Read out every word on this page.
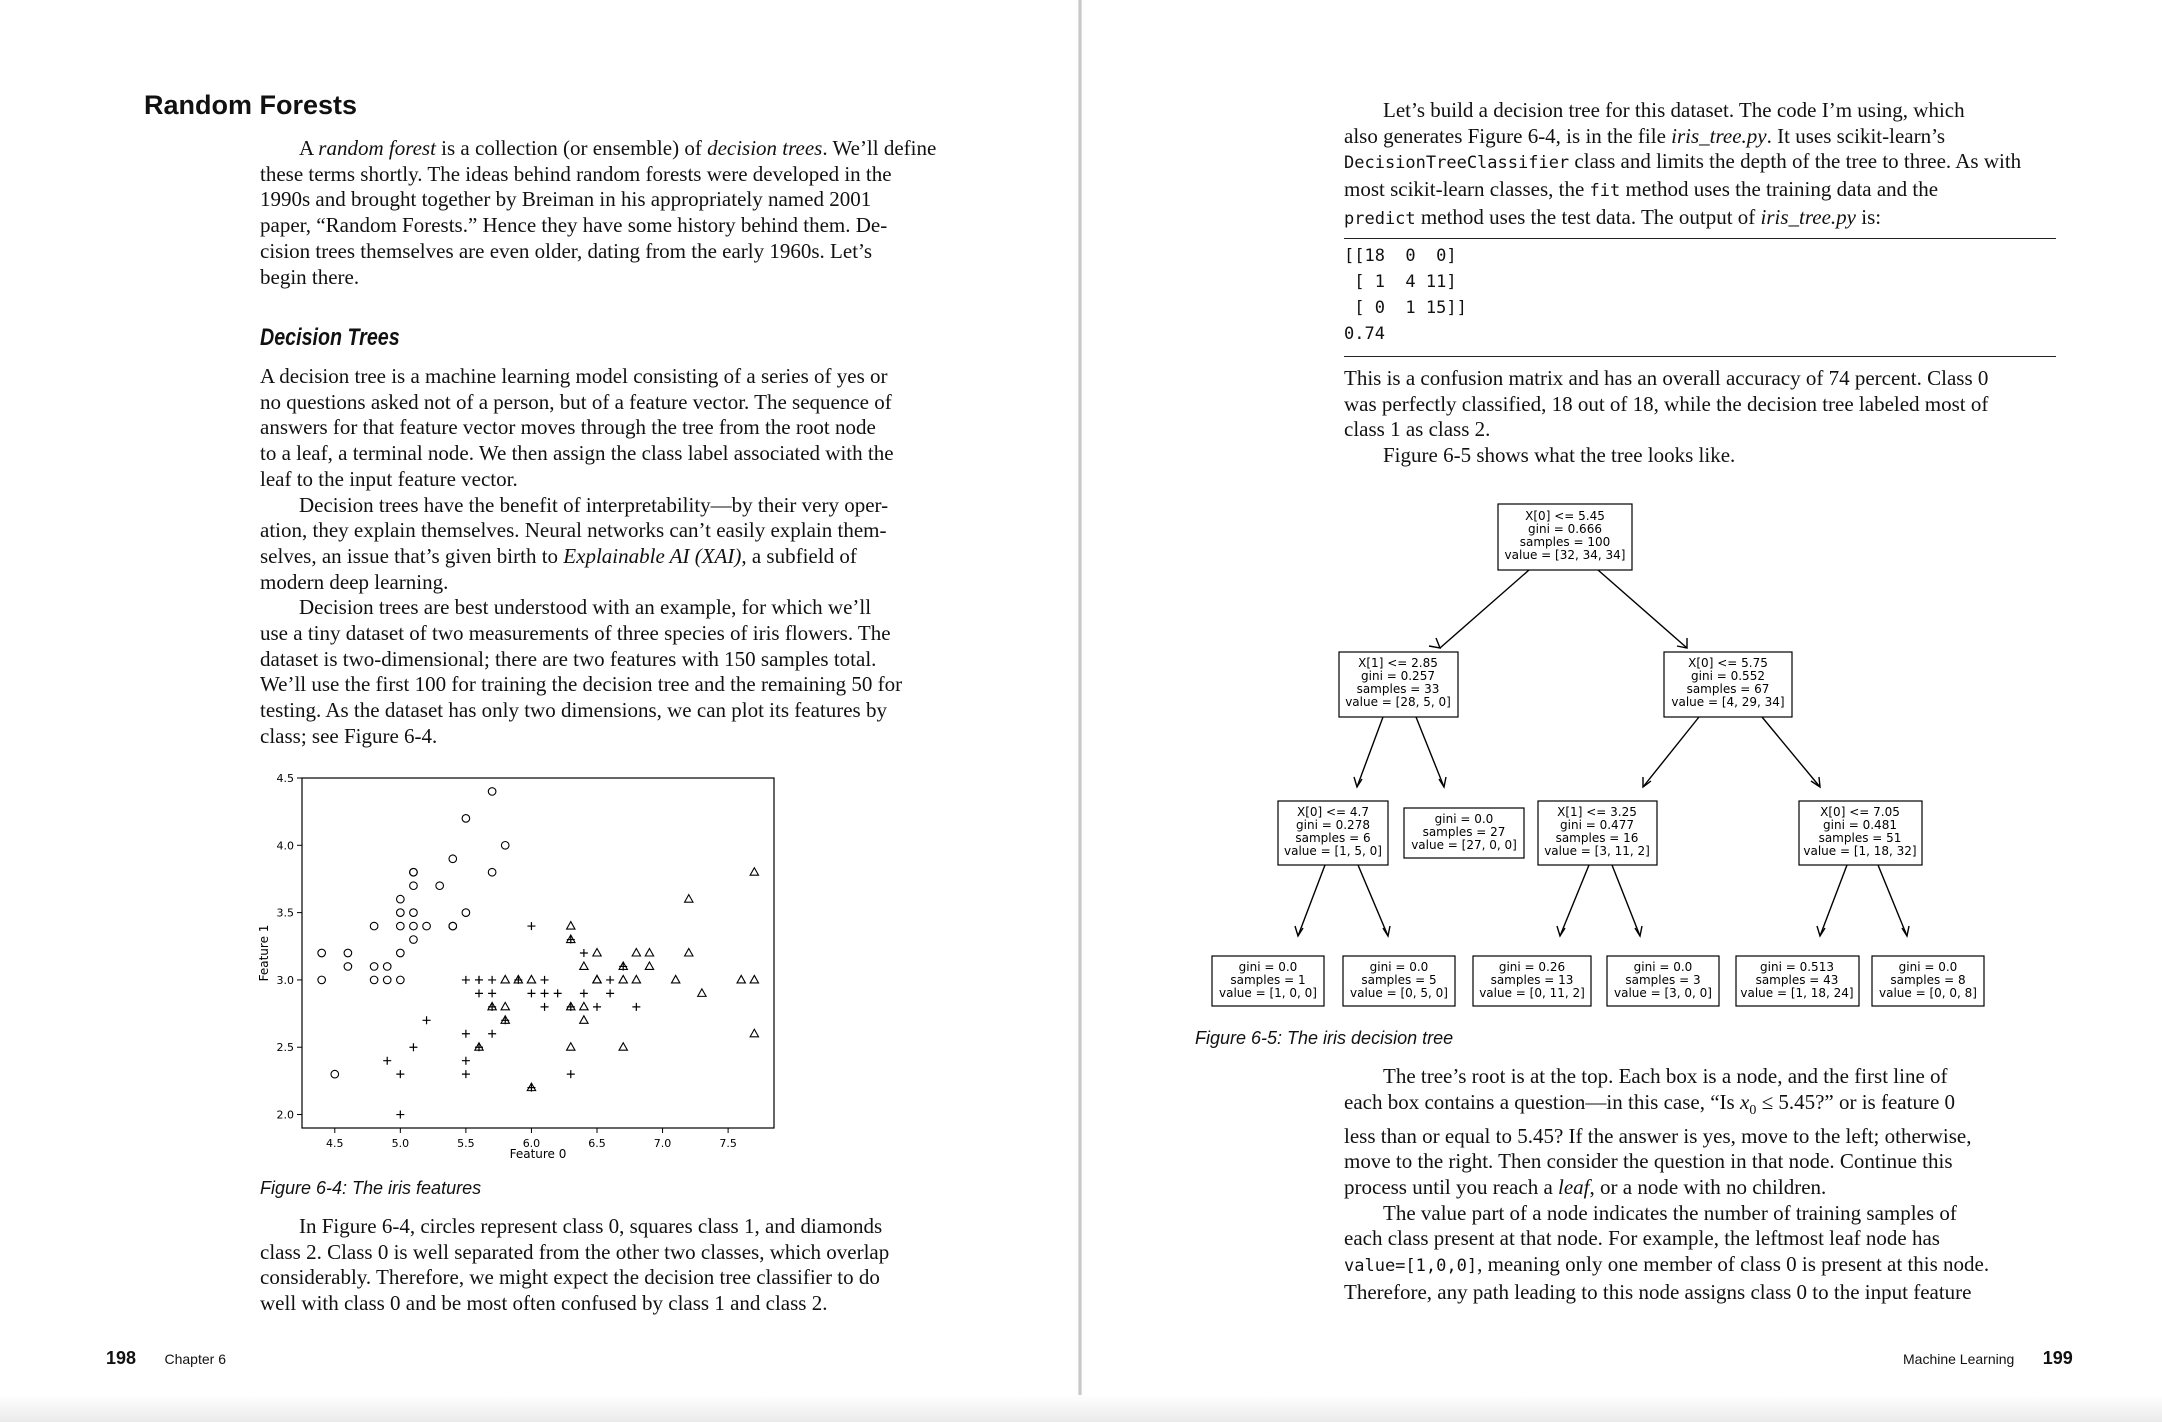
Random Forests

A random forest is a collection (or ensemble) of decision trees. We’ll define
these terms shortly. The ideas behind random forests were developed in the
1990s and brought together by Breiman in his appropriately named 2001
paper, “Random Forests.” Hence they have some history behind them. De-
cision trees themselves are even older, dating from the early 1960s. Let’s
begin there.

Decision Trees

A decision tree is a machine learning model consisting of a series of yes or
no questions asked not of a person, but of a feature vector. The sequence of
answers for that feature vector moves through the tree from the root node
to a leaf, a terminal node. We then assign the class label associated with the
leaf to the input feature vector.
Decision trees have the benefit of interpretability—by their very oper-
ation, they explain themselves. Neural networks can’t easily explain them-
selves, an issue that’s given birth to Explainable AI (XAI), a subfield of
modern deep learning.
Decision trees are best understood with an example, for which we’ll
use a tiny dataset of two measurements of three species of iris flowers. The
dataset is two-dimensional; there are two features with 150 samples total.
We’ll use the first 100 for training the decision tree and the remaining 50 for
testing. As the dataset has only two dimensions, we can plot its features by
class; see Figure 6-4.

4.5	5.0	5.5	6.0	6.5	7.0	7.5
2.0
2.5
3.0
3.5
4.0
4.5
Feature 0
Feature 1

Figure 6-4: The iris features

In Figure 6-4, circles represent class 0, squares class 1, and diamonds
class 2. Class 0 is well separated from the other two classes, which overlap
considerably. Therefore, we might expect the decision tree classifier to do
well with class 0 and be most often confused by class 1 and class 2.

198 Chapter 6

Let’s build a decision tree for this dataset. The code I’m using, which
also generates Figure 6-4, is in the file iris_tree.py. It uses scikit-learn’s
DecisionTreeClassifier class and limits the depth of the tree to three. As with
most scikit-learn classes, the fit method uses the training data and the
predict method uses the test data. The output of iris_tree.py is:

[[18  0  0]
[ 1  4 11]
[ 0  1 15]]
0.74

This is a confusion matrix and has an overall accuracy of 74 percent. Class 0
was perfectly classified, 18 out of 18, while the decision tree labeled most of
class 1 as class 2.
Figure 6-5 shows what the tree looks like.

X[0] <= 5.45
gini = 0.666
samples = 100
value = [32, 34, 34]
X[1] <= 2.85
gini = 0.257
samples = 33
value = [28, 5, 0]
X[0] <= 5.75
gini = 0.552
samples = 67
value = [4, 29, 34]
X[0] <= 4.7
gini = 0.278
samples = 6
value = [1, 5, 0]
gini = 0.0
samples = 27
value = [27, 0, 0]
X[1] <= 3.25
gini = 0.477
samples = 16
value = [3, 11, 2]
X[0] <= 7.05
gini = 0.481
samples = 51
value = [1, 18, 32]
gini = 0.0
samples = 1
value = [1, 0, 0]
gini = 0.0
samples = 5
value = [0, 5, 0]
gini = 0.26
samples = 13
value = [0, 11, 2]
gini = 0.0
samples = 3
value = [3, 0, 0]
gini = 0.513
samples = 43
value = [1, 18, 24]
gini = 0.0
samples = 8
value = [0, 0, 8]

Figure 6-5: The iris decision tree

The tree’s root is at the top. Each box is a node, and the first line of
each box contains a question—in this case, “Is $x_0 \le 5.45$?” or is feature 0
less than or equal to 5.45? If the answer is yes, move to the left; otherwise,
move to the right. Then consider the question in that node. Continue this
process until you reach a leaf, or a node with no children.
The value part of a node indicates the number of training samples of
each class present at that node. For example, the leftmost leaf node has
value=[1,0,0], meaning only one member of class 0 is present at this node.
Therefore, any path leading to this node assigns class 0 to the input feature

Machine Learning 199
